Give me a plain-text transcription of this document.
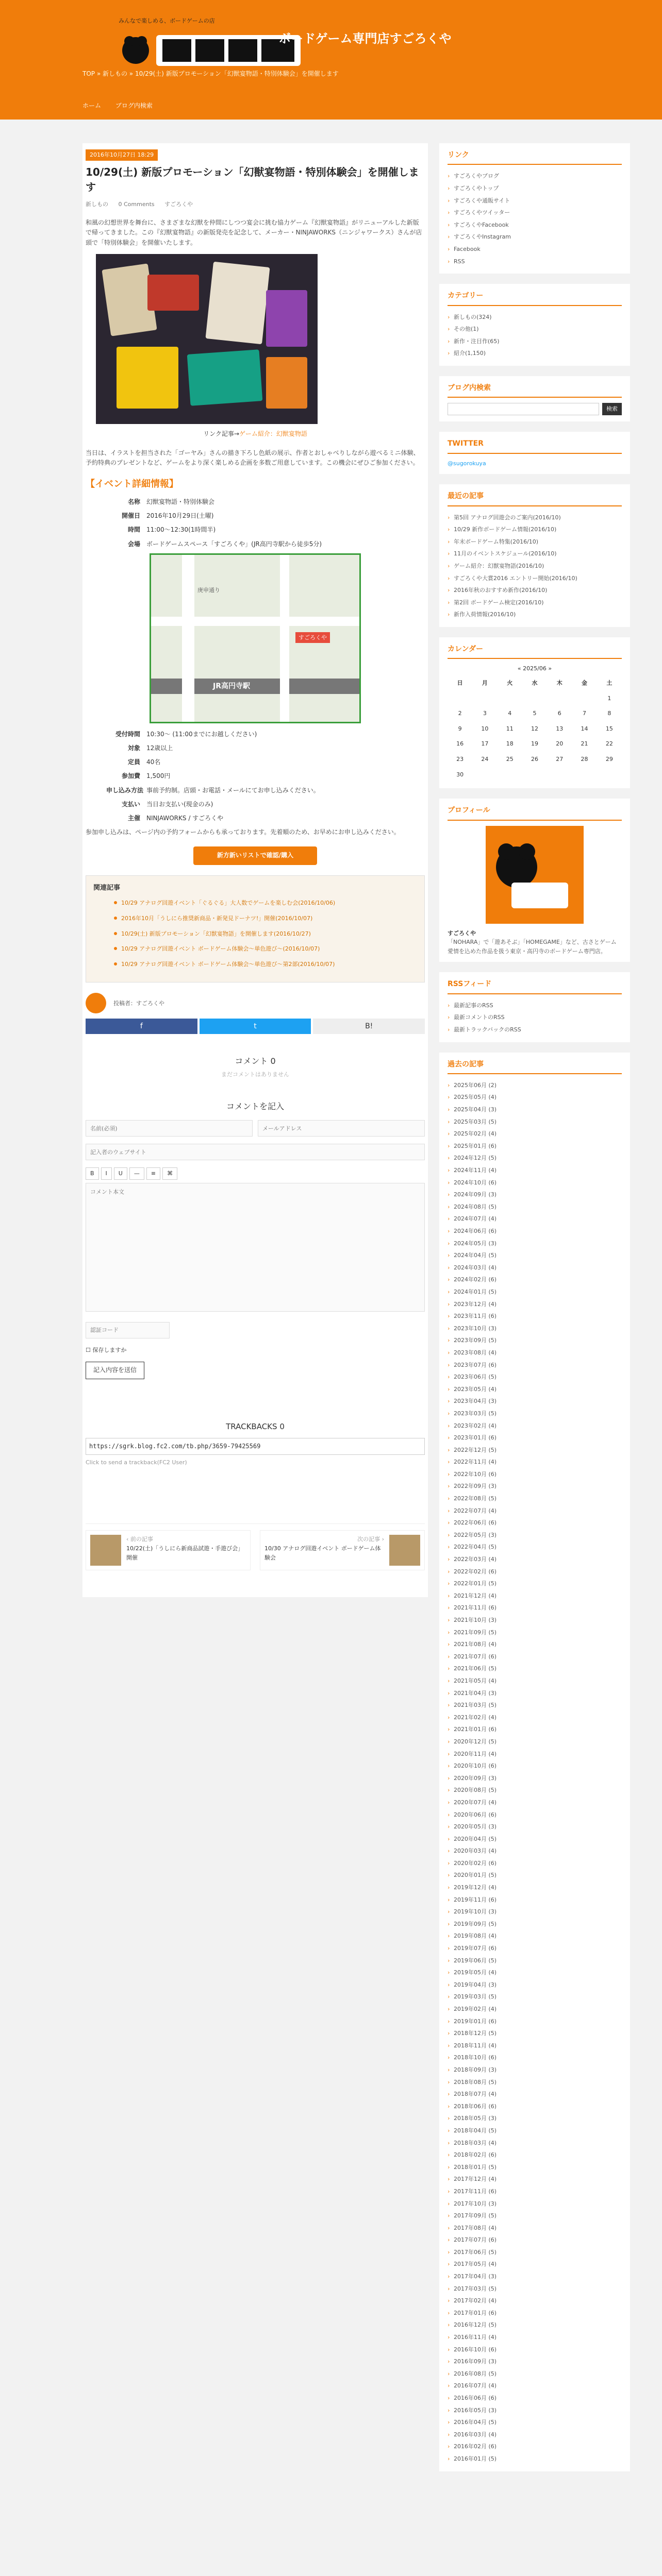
みんなで楽しめる、ボードゲームの店
ボードゲーム専門店すごろくや
TOP » 新しもの » 10/29(土) 新版プロモーション「幻獣宴物語・特別体験会」を開催します
ホーム ブログ内検索
2016年10月27日 18:29
10/29(土) 新版プロモーション「幻獣宴物語・特別体験会」を開催します
新しもの 0 Comments すごろくや

和風の幻想世界を舞台に、さまざまな幻獣を仲間にしつつ宴会に挑む協力ゲーム『幻獣宴物語』がリニューアルした新版で帰ってきました。この『幻獣宴物語』の新版発売を記念して、メーカー・NINJAWORKS（ニンジャワークス）さんが店頭で「特別体験会」を開催いたします。

リンク記事→ゲーム紹介：幻獣宴物語

当日は、イラストを担当された「ゴーヤみ」さんの描き下ろし色紙の展示、作者とおしゃべりしながら遊べるミニ体験、予約特典のプレゼントなど、ゲームをより深く楽しめる企画を多数ご用意しています。この機会にぜひご参加ください。

【イベント詳細情報】
名称	幻獣宴物語・特別体験会
開催日	2016年10月29日(土曜)
時間	11:00〜12:30(1時間半)
会場	ボードゲームスペース「すごろくや」(JR高円寺駅から徒歩5分)
JR高円寺駅
すごろくや
庚申通り
受付時間	10:30〜 (11:00までにお越しください)
対象	12歳以上
定員	40名
参加費	1,500円
申し込み方法 事前予約制。店頭・お電話・メールにてお申し込みください。
支払い	当日お支払い(現金のみ)
主催	NINJAWORKS / すごろくや

参加申し込みは、ページ内の予約フォームからも承っております。先着順のため、お早めにお申し込みください。

新方新いリストで確認/購入
関連記事
10/29 アナログ回遊イベント「ぐるぐる」大人数でゲームを楽しむ会(2016/10/06)
2016年10月「うしにら推奨新商品・新発見ドーナツ!」開催(2016/10/07)
10/29(土) 新版プロモーション「幻獣宴物語」を開催します(2016/10/27)
10/29 アナログ回遊イベント ボードゲーム体験会〜単色遊び〜(2016/10/07)
10/29 アナログ回遊イベント ボードゲーム体験会〜単色遊び〜第2部(2016/10/07)
投稿者：すごろくや
f	t	B!
コメント 0
まだコメントはありません
コメントを記入
名前(必須)
メールアドレス
記入者のウェブサイト
B	I	U	—	≡	⌘
コメント本文
認証コード
☐ 保存しますか
記入内容を送信
TRACKBACKS 0
https://sgrk.blog.fc2.com/tb.php/3659-79425569
Click to send a trackback(FC2 User)
‹ 前の記事
10/22(土)「うしにら新商品試遊・手遊び会」開催
次の記事 ›
10/30 アナログ回遊イベント ボードゲーム体験会
リンク
› すごろくやブログ
› すごろくやトップ
› すごろくや通販サイト
› すごろくやツイッター
› すごろくやFacebook
› すごろくやInstagram
› Facebook
› RSS
カテゴリー
› 新しもの(324)
› その他(1)
› 新作・注目作(65)
› 紹介(1,150)
ブログ内検索
検索
TWITTER
@sugorokuya
最近の記事
› 第5回 アナログ回遊会のご案内(2016/10)
› 10/29 新作ボードゲーム情報(2016/10)
› 年末ボードゲーム特集(2016/10)
› 11月のイベントスケジュール(2016/10)
› ゲーム紹介：幻獣宴物語(2016/10)
› すごろくや大賞2016 エントリー開始(2016/10)
› 2016年秋のおすすめ新作(2016/10)
› 第2回 ボードゲーム検定(2016/10)
› 新作入荷情報(2016/10)
カレンダー
« 2025/06 »
日	月	火	水	木	金	土
						1
2	3	4	5	6	7	8
9	10	11	12	13	14	15
16	17	18	19	20	21	22
23	24	25	26	27	28	29
30						
プロフィール
すごろくや
「NOHARA」で「遊あそぶ」「HOMEGAME」など、古さとゲーム愛情を込めた作品を扱う東京・高円寺のボードゲーム専門店。
RSSフィード
› 最新記事のRSS
› 最新コメントのRSS
› 最新トラックバックのRSS
過去の記事
› 2025年06月 (2)
› 2025年05月 (4)
› 2025年04月 (3)
› 2025年03月 (5)
› 2025年02月 (4)
› 2025年01月 (6)
› 2024年12月 (5)
› 2024年11月 (4)
› 2024年10月 (6)
› 2024年09月 (3)
› 2024年08月 (5)
› 2024年07月 (4)
› 2024年06月 (6)
› 2024年05月 (3)
› 2024年04月 (5)
› 2024年03月 (4)
› 2024年02月 (6)
› 2024年01月 (5)
› 2023年12月 (4)
› 2023年11月 (6)
› 2023年10月 (3)
› 2023年09月 (5)
› 2023年08月 (4)
› 2023年07月 (6)
› 2023年06月 (5)
› 2023年05月 (4)
› 2023年04月 (3)
› 2023年03月 (5)
› 2023年02月 (4)
› 2023年01月 (6)
› 2022年12月 (5)
› 2022年11月 (4)
› 2022年10月 (6)
› 2022年09月 (3)
› 2022年08月 (5)
› 2022年07月 (4)
› 2022年06月 (6)
› 2022年05月 (3)
› 2022年04月 (5)
› 2022年03月 (4)
› 2022年02月 (6)
› 2022年01月 (5)
› 2021年12月 (4)
› 2021年11月 (6)
› 2021年10月 (3)
› 2021年09月 (5)
› 2021年08月 (4)
› 2021年07月 (6)
› 2021年06月 (5)
› 2021年05月 (4)
› 2021年04月 (3)
› 2021年03月 (5)
› 2021年02月 (4)
› 2021年01月 (6)
› 2020年12月 (5)
› 2020年11月 (4)
› 2020年10月 (6)
› 2020年09月 (3)
› 2020年08月 (5)
› 2020年07月 (4)
› 2020年06月 (6)
› 2020年05月 (3)
› 2020年04月 (5)
› 2020年03月 (4)
› 2020年02月 (6)
› 2020年01月 (5)
› 2019年12月 (4)
› 2019年11月 (6)
› 2019年10月 (3)
› 2019年09月 (5)
› 2019年08月 (4)
› 2019年07月 (6)
› 2019年06月 (5)
› 2019年05月 (4)
› 2019年04月 (3)
› 2019年03月 (5)
› 2019年02月 (4)
› 2019年01月 (6)
› 2018年12月 (5)
› 2018年11月 (4)
› 2018年10月 (6)
› 2018年09月 (3)
› 2018年08月 (5)
› 2018年07月 (4)
› 2018年06月 (6)
› 2018年05月 (3)
› 2018年04月 (5)
› 2018年03月 (4)
› 2018年02月 (6)
› 2018年01月 (5)
› 2017年12月 (4)
› 2017年11月 (6)
› 2017年10月 (3)
› 2017年09月 (5)
› 2017年08月 (4)
› 2017年07月 (6)
› 2017年06月 (5)
› 2017年05月 (4)
› 2017年04月 (3)
› 2017年03月 (5)
› 2017年02月 (4)
› 2017年01月 (6)
› 2016年12月 (5)
› 2016年11月 (4)
› 2016年10月 (6)
› 2016年09月 (3)
› 2016年08月 (5)
› 2016年07月 (4)
› 2016年06月 (6)
› 2016年05月 (3)
› 2016年04月 (5)
› 2016年03月 (4)
› 2016年02月 (6)
› 2016年01月 (5)
